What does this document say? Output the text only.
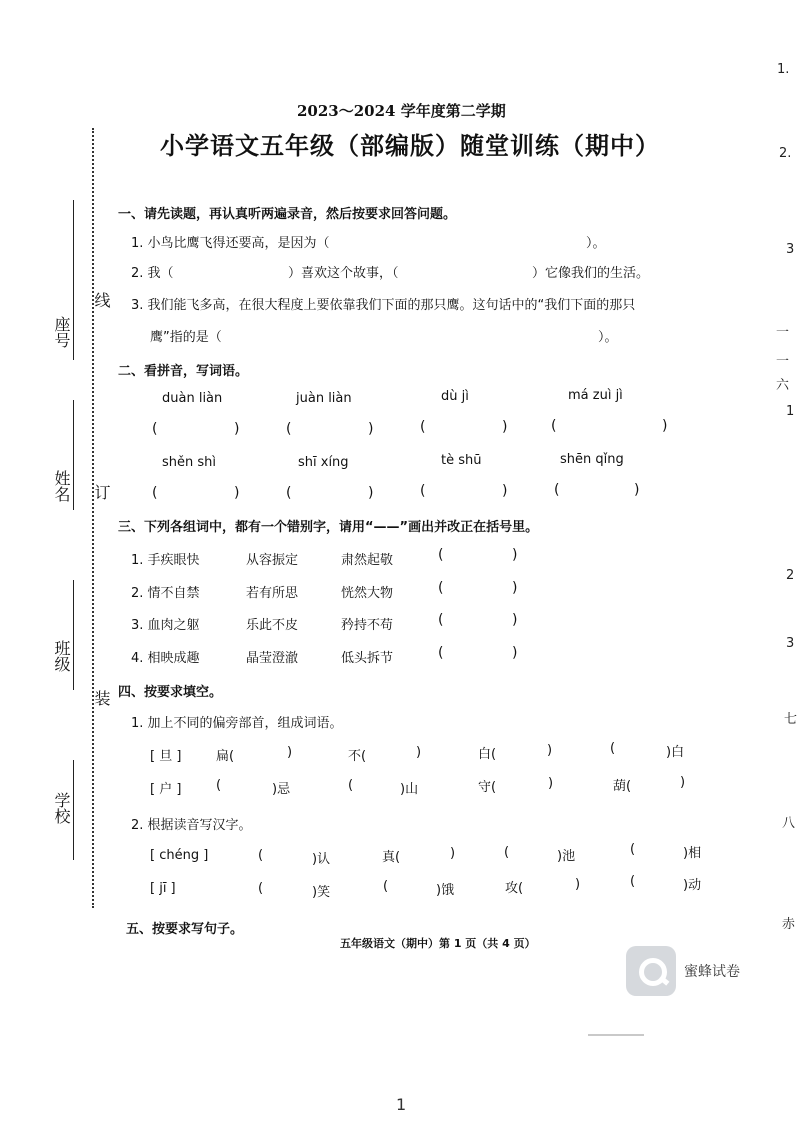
2023～2024 学年度第二学期
小学语文五年级（部编版）随堂训练（期中）
座号
姓名
班级
学校
线
订
装
一、请先读题，再认真听两遍录音，然后按要求回答问题。
1. 小鸟比鹰飞得还要高，是因为（	）。
2. 我（	）喜欢这个故事，（	）它像我们的生活。
3. 我们能飞多高，在很大程度上要依靠我们下面的那只鹰。这句话中的“我们下面的那只
鹰”指的是（	）。
二、看拼音，写词语。
duàn liàn	juàn liàn	dù jì	má zuì jì
(	)	(	)	(	)	(	)
shěn shì	shī xíng	tè shū	shēn qǐng
(	)	(	)	(	)	(	)
三、下列各组词中，都有一个错别字，请用“——”画出并改正在括号里。
1. 手疾眼快	从容振定	肃然起敬	(	)
2. 情不自禁	若有所思	恍然大物	(	)
3. 血肉之躯	乐此不皮	矜持不苟	(	)
4. 相映成趣	晶莹澄澈	低头拆节	(	)
四、按要求填空。
1. 加上不同的偏旁部首，组成词语。
[ 旦 ]	扁(	)	不(	)	白(	)	(	)白
[ 户 ]	(	)忌	(	)山	守(	)	葫(	)
2. 根据读音写汉字。
[ chéng ]	(	)认	真(	)	(	)池	(	)相
[ jī ]	(	)笑	(	)饿	攻(	)	(	)动
五、按要求写句子。
五年级语文（期中）第 1 页（共 4 页）
蜜蜂试卷
1
1.
2.
3
一
一
六
1
2
3
七
八
赤
